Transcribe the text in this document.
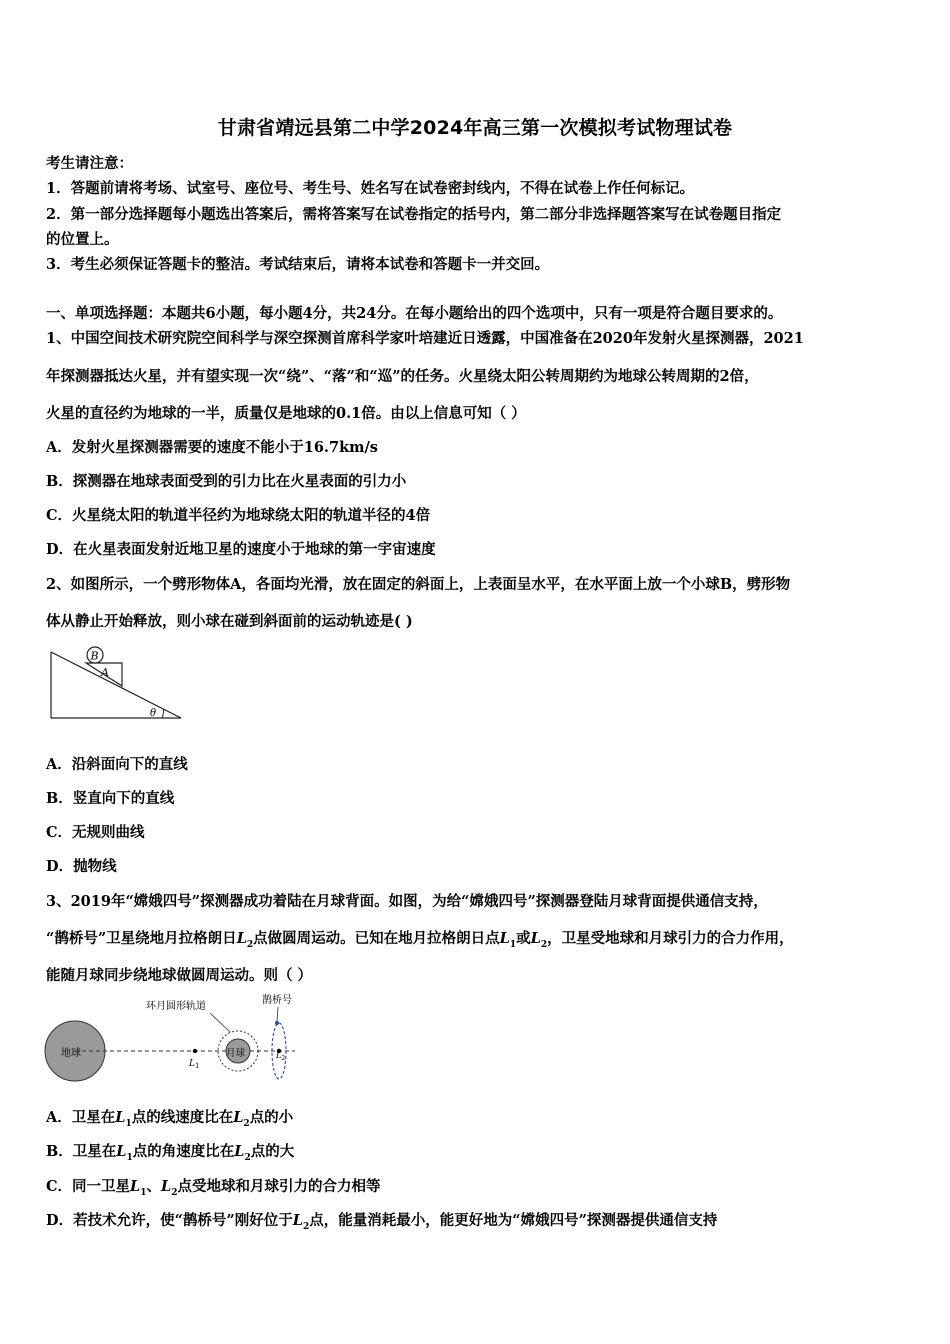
甘肃省靖远县第二中学2024年高三第一次模拟考试物理试卷
考生请注意：
1．答题前请将考场、试室号、座位号、考生号、姓名写在试卷密封线内，不得在试卷上作任何标记。
2．第一部分选择题每小题选出答案后，需将答案写在试卷指定的括号内，第二部分非选择题答案写在试卷题目指定
的位置上。
3．考生必须保证答题卡的整洁。考试结束后，请将本试卷和答题卡一并交回。
一、单项选择题：本题共6小题，每小题4分，共24分。在每小题给出的四个选项中，只有一项是符合题目要求的。
1、中国空间技术研究院空间科学与深空探测首席科学家叶培建近日透露，中国准备在2020年发射火星探测器，2021
年探测器抵达火星，并有望实现一次“绕”、“落”和“巡”的任务。火星绕太阳公转周期约为地球公转周期的2倍，
火星的直径约为地球的一半，质量仅是地球的0.1倍。由以上信息可知（ ）
A．发射火星探测器需要的速度不能小于16.7km/s
B．探测器在地球表面受到的引力比在火星表面的引力小
C．火星绕太阳的轨道半径约为地球绕太阳的轨道半径的4倍
D．在火星表面发射近地卫星的速度小于地球的第一宇宙速度
2、如图所示，一个劈形物体A，各面均光滑，放在固定的斜面上，上表面呈水平，在水平面上放一个小球B，劈形物
体从静止开始释放，则小球在碰到斜面前的运动轨迹是( )
B
A
θ
A．沿斜面向下的直线
B．竖直向下的直线
C．无规则曲线
D．抛物线
3、2019年“嫦娥四号”探测器成功着陆在月球背面。如图，为给“嫦娥四号”探测器登陆月球背面提供通信支持，
“鹊桥号”卫星绕地月拉格朗日$L_2$点做圆周运动。已知在地月拉格朗日点$L_1$或$L_2$，卫星受地球和月球引力的合力作用，
能随月球同步绕地球做圆周运动。则（ ）
地球
$L_1$
月球
环月圆形轨道
$L_2$
鹊桥号
A．卫星在$L_1$点的线速度比在$L_2$点的小
B．卫星在$L_1$点的角速度比在$L_2$点的大
C．同一卫星$L_1$、$L_2$点受地球和月球引力的合力相等
D．若技术允许，使“鹊桥号”刚好位于$L_2$点，能量消耗最小，能更好地为“嫦娥四号”探测器提供通信支持
